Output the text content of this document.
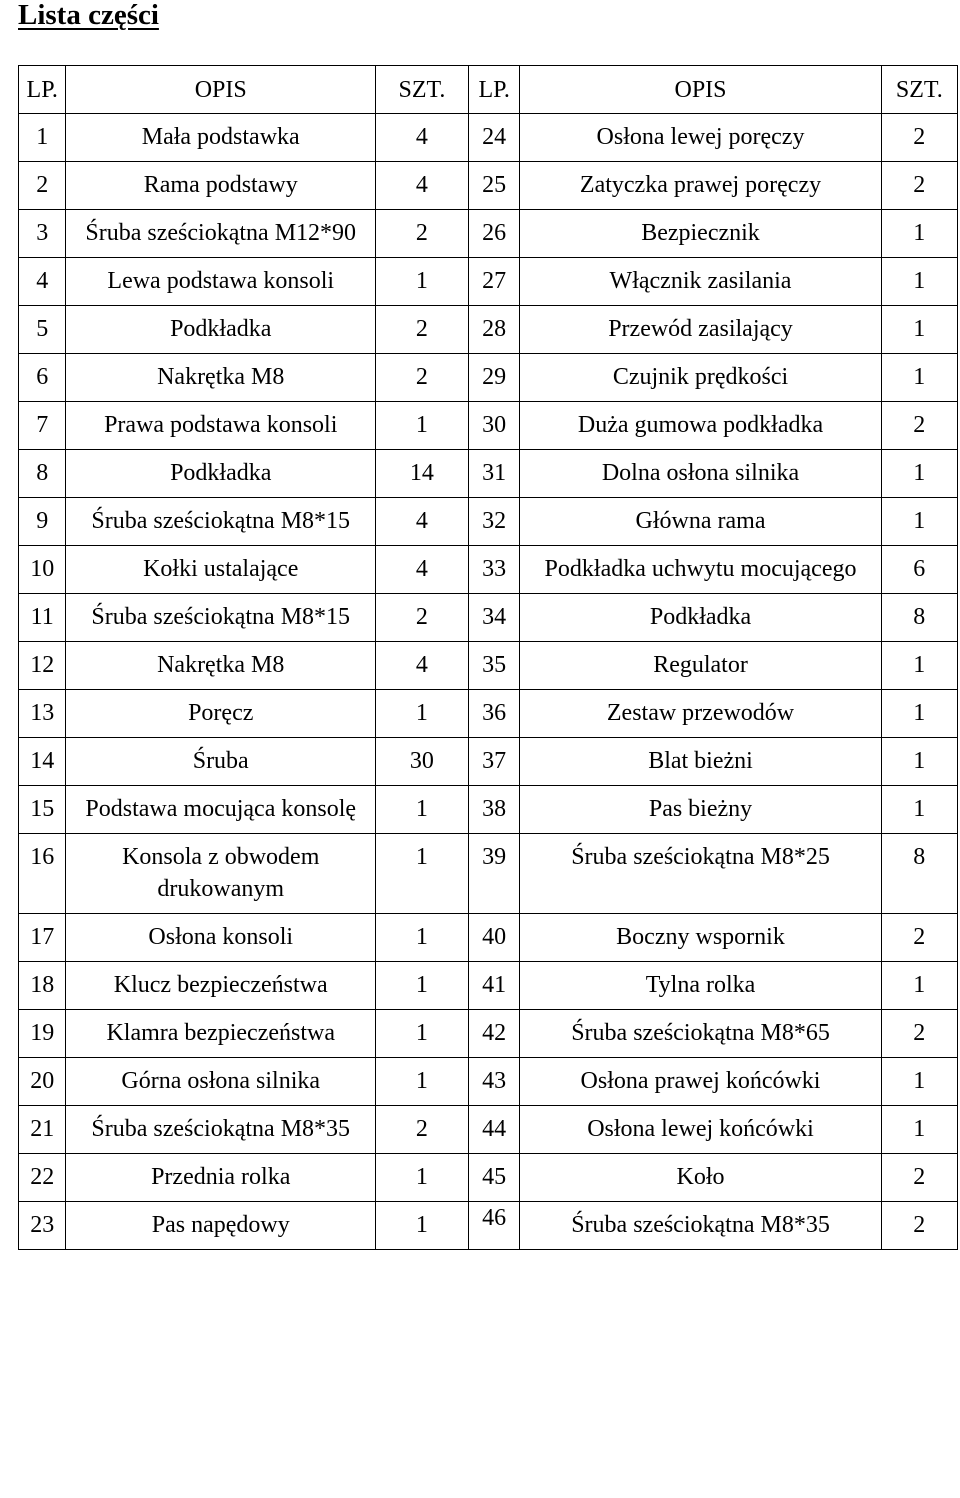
Lista części
LP.	OPIS	SZT.	LP.	OPIS	SZT.
1	Mała podstawka	4	24	Osłona lewej poręczy	2
2	Rama podstawy	4	25	Zatyczka prawej poręczy	2
3	Śruba sześciokątna M12*90	2	26	Bezpiecznik	1
4	Lewa podstawa konsoli	1	27	Włącznik zasilania	1
5	Podkładka	2	28	Przewód zasilający	1
6	Nakrętka M8	2	29	Czujnik prędkości	1
7	Prawa podstawa konsoli	1	30	Duża gumowa podkładka	2
8	Podkładka	14	31	Dolna osłona silnika	1
9	Śruba sześciokątna M8*15	4	32	Główna rama	1
10	Kołki ustalające	4	33	Podkładka uchwytu mocującego	6
11	Śruba sześciokątna M8*15	2	34	Podkładka	8
12	Nakrętka M8	4	35	Regulator	1
13	Poręcz	1	36	Zestaw przewodów	1
14	Śruba	30	37	Blat bieżni	1
15	Podstawa mocująca konsolę	1	38	Pas bieżny	1
16	Konsola z obwodem drukowanym	1	39	Śruba sześciokątna M8*25	8
17	Osłona konsoli	1	40	Boczny wspornik	2
18	Klucz bezpieczeństwa	1	41	Tylna rolka	1
19	Klamra bezpieczeństwa	1	42	Śruba sześciokątna M8*65	2
20	Górna osłona silnika	1	43	Osłona prawej końcówki	1
21	Śruba sześciokątna M8*35	2	44	Osłona lewej końcówki	1
22	Przednia rolka	1	45	Koło	2
23	Pas napędowy	1	46	Śruba sześciokątna M8*35	2
